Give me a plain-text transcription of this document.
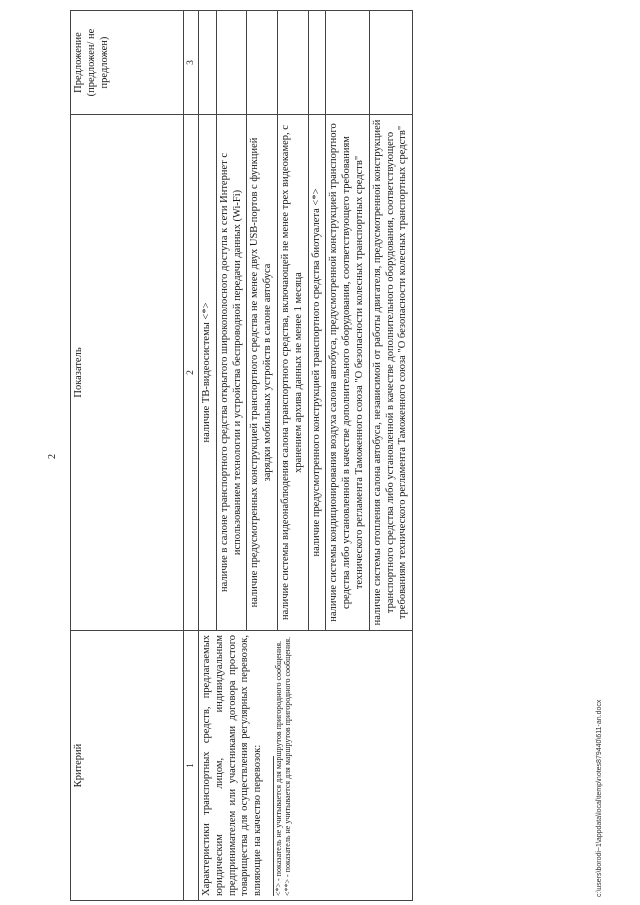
2
Критерий	Показатель	Предложение (предложен/ не предложен)
1	2	3

Характеристики транспортных средств, предлагаемых юридическим лицом, индивидуальным предпринимателем или участниками договора простого товарищества для осуществления регулярных перевозок, влияющие на качество перевозок: <*> - показатель не учитывается для маршрутов пригородного сообщения. <**> - показатель не учитывается для маршрутов пригородного сообщения.	наличие ТВ-видеосистемы <*>	
	наличие в салоне транспортного средства открытого широкополосного доступа к сети Интернет с использованием технологии и устройства беспроводной передачи данных (Wi-Fi)	
	наличие предусмотренных конструкцией транспортного средства не менее двух USB-портов с функцией зарядки мобильных устройств в салоне автобуса	
	наличие системы видеонаблюдения салона транспортного средства, включающей не менее трех видеокамер, с хранением архива данных не менее 1 месяца	
	наличие предусмотренного конструкцией транспортного средства биотуалета <*>	
	наличие системы кондиционирования воздуха салона автобуса, предусмотренной конструкцией транспортного средства либо установленной в качестве дополнительного оборудования, соответствующего требованиям технического регламента Таможенного союза "О безопасности колесных транспортных средств"	
	наличие системы отопления салона автобуса, независимой от работы двигателя, предусмотренной конструкцией транспортного средства либо установленной в качестве дополнительного оборудования, соответствующего требованиям технического регламента Таможенного союза "О безопасности колесных транспортных средств"	
c:\users\borodi~1\appdata\local\temp\notes879440\611-an.docx
